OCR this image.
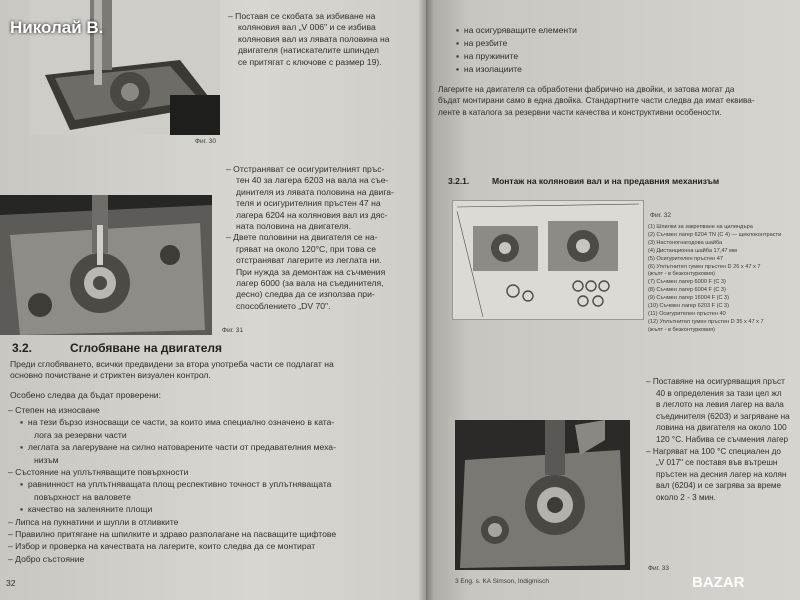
Фиг. 30
– Поставя се скобата за избиване на
коляновия вал „V 006" и се избива
коляновия вал из лявата половина на
двигателя (натискателите шпиндел
се притягат с ключове с размер 19).
– Отстраняват се осигурителният пръс-
тен 40 за лагера 6203 на вала на съе-
динителя из лявата половина на двига-
теля и осигурителния пръстен 47 на
лагера 6204 на коляновия вал из дяс-
ната половина на двигателя.
– Двете половини на двигателя се на-
гряват на около 120°С, при това се
отстраняват лагерите из леглата ни.
При нужда за демонтаж на съчмения
лагер 6000 (за вала на съединителя,
десно) следва да се използва при-
способлението „DV 70".
Фиг. 31
3.2.	Сглобяване на двигателя
Преди сглобяването, всички предвидени за втора употреба части се подлагат на
основно почистване и стриктен визуален контрол.
Особено следва да бъдат проверени:
– Степен на износване
▪  на тези бързо износващи се части, за които има специално означено в ката-
лога за резервни части
▪  леглата за лагеруване на силно натоварените части от предавателния меха-
низъм
– Състояние на уплътняващите повърхности
▪  равнинност на уплътняващата площ респективно точност в уплътняващата
повърхност на валовете
▪  качество на заленяните площи
– Липса на пукнатини и шупли в отливките
– Правилно притягане на шпилките и здраво разполагане на пасващите щифтове
– Избор и проверка на качествата на лагерите, които следва да се монтират
– Добро състояние
32
▪  на осигуряващите елементи
▪  на резбите
▪  на пружините
▪  на изолациите
Лагерите на двигателя са обработени фабрично на двойки, и затова могат да
бъдат монтирани само в една двойка. Стандартните части следва да имат еквива-
ленте в каталога за резервни части качества и конструктивни особености.
3.2.1.	Монтаж на коляновия вал и на предавния механизъм
Фиг. 32
(1) Шпилки за закрепване на цилиндъра
(2) Съчмен лагер 6204 TN (C 4) — щеклоконтрасти
(3) Настоногнагодова шайба
(4) Дистанционна шайба 17,47 мм
(5) Осигурителен пръстен 47
(6) Уплътнител гумен пръстен D 26 x 47 x 7
(жълт - в безконтурковия)
(7) Съчмен лагер 6000 F (C 3)
(8) Съчмен лагер 6004 F (C 3)
(9) Съчмен лагер 16004 F (C 3)
(10) Съчмен лагер 6203 F (C 3)
(11) Осигурителен пръстен 40
(12) Уплътнител гумен пръстен D 35 x 47 x 7
(жълт - в безконтурковия)
3 Eng. s. KA Simson, Indigmisch
– Поставяне на осигуряващия пръст
40 в определения за тази цел жл
в леглото на левия лагер на вала
съединителя (6203) и загряване на
ловина на двигателя на около 100
120 °С. Набива се съчмения лагер
– Нагряват на 100 °С специален до
„V 017" се поставя във вътрешн
пръстен на десния лагер на колян
вал (6204) и се загрява за време
около 2 - 3 мин.
Фиг. 33
Николай В.
BAZAR
